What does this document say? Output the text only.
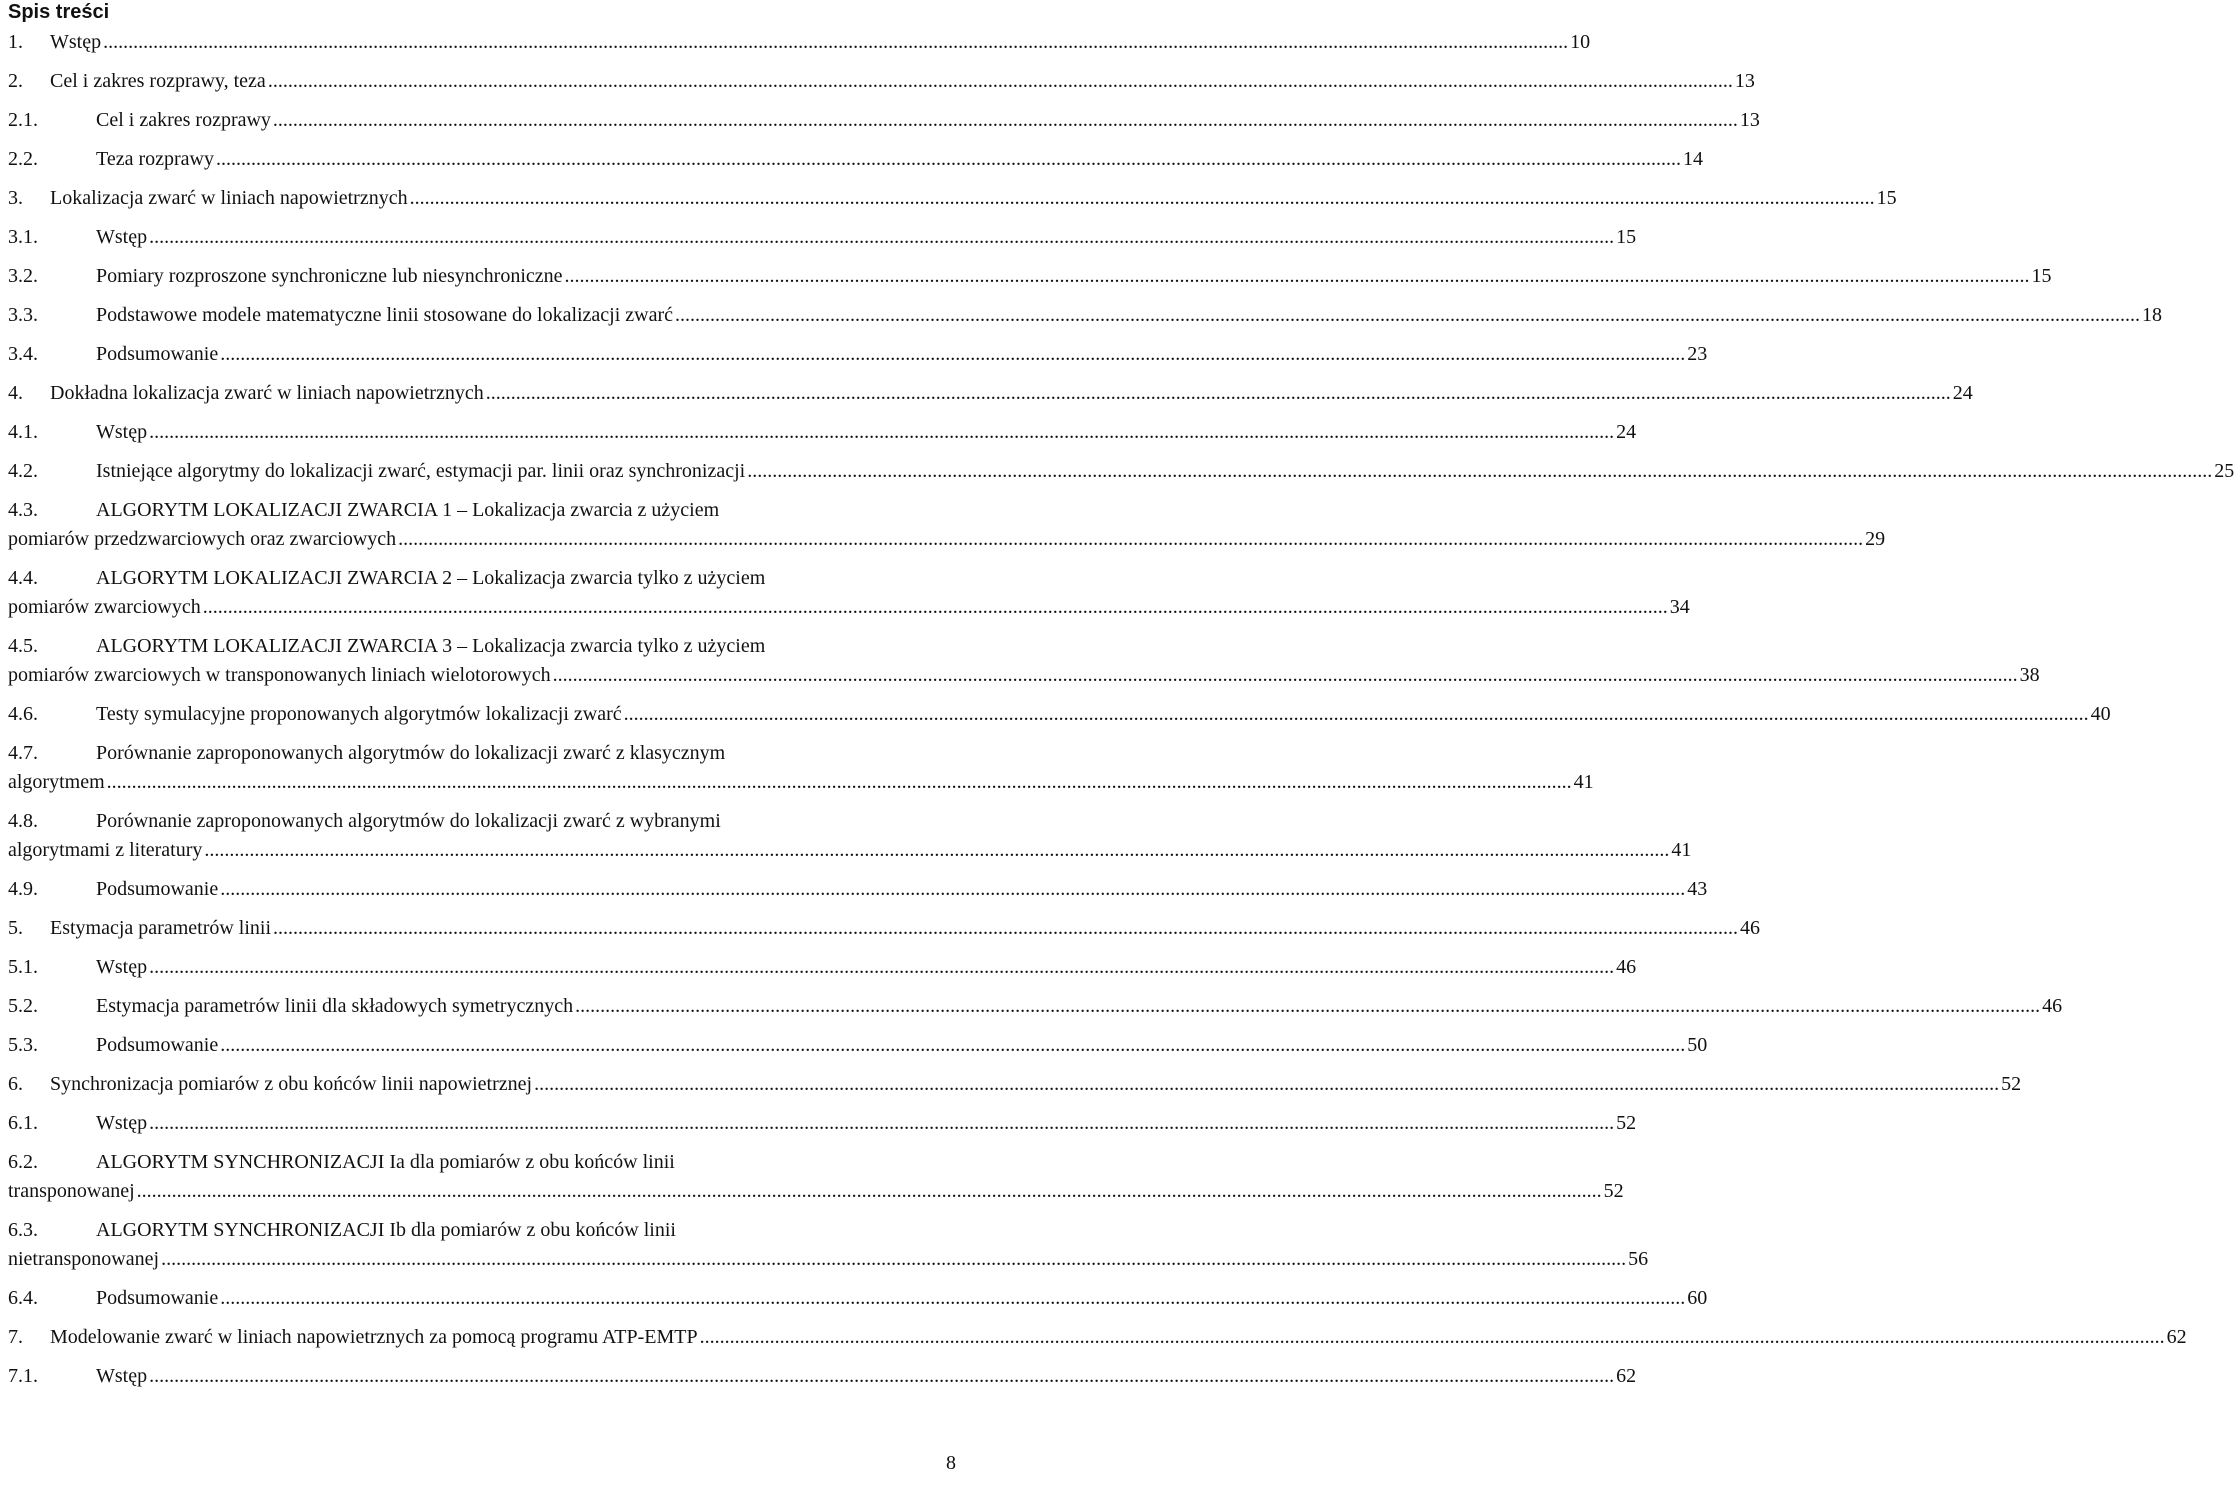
Spis treści
1.	Wstęp .....	10
2.	Cel i zakres rozprawy, teza .....	13
2.1.	Cel i zakres rozprawy .....	13
2.2.	Teza rozprawy .....	14
3.	Lokalizacja zwarć w liniach napowietrznych .....	15
3.1.	Wstęp .....	15
3.2.	Pomiary rozproszone synchroniczne lub niesynchroniczne .....	15
3.3.	Podstawowe modele matematyczne linii stosowane do lokalizacji zwarć .....	18
3.4.	Podsumowanie .....	23
4.	Dokładna lokalizacja zwarć w liniach napowietrznych .....	24
4.1.	Wstęp .....	24
4.2.	Istniejące algorytmy do lokalizacji zwarć, estymacji par. linii oraz synchronizacji .....	25
4.3.	ALGORYTM LOKALIZACJI ZWARCIA 1 – Lokalizacja zwarcia z użyciem
pomiarów przedzwarciowych oraz zwarciowych .....	29
4.4.	ALGORYTM LOKALIZACJI ZWARCIA 2 – Lokalizacja zwarcia tylko z użyciem
pomiarów zwarciowych .....	34
4.5.	ALGORYTM LOKALIZACJI ZWARCIA 3 – Lokalizacja zwarcia tylko z użyciem
pomiarów zwarciowych w transponowanych liniach wielotorowych .....	38
4.6.	Testy symulacyjne proponowanych algorytmów lokalizacji zwarć .....	40
4.7.	Porównanie zaproponowanych algorytmów do lokalizacji zwarć z klasycznym
algorytmem .....	41
4.8.	Porównanie zaproponowanych algorytmów do lokalizacji zwarć z wybranymi
algorytmami z literatury .....	41
4.9.	Podsumowanie .....	43
5.	Estymacja parametrów linii .....	46
5.1.	Wstęp .....	46
5.2.	Estymacja parametrów linii dla składowych symetrycznych .....	46
5.3.	Podsumowanie .....	50
6.	Synchronizacja pomiarów z obu końców linii napowietrznej .....	52
6.1.	Wstęp .....	52
6.2.	ALGORYTM SYNCHRONIZACJI Ia dla pomiarów z obu końców linii
transponowanej .....	52
6.3.	ALGORYTM SYNCHRONIZACJI Ib dla pomiarów z obu końców linii
nietransponowanej .....	56
6.4.	Podsumowanie .....	60
7.	Modelowanie zwarć w liniach napowietrznych za pomocą programu ATP-EMTP .....	62
7.1.	Wstęp .....	62
8
